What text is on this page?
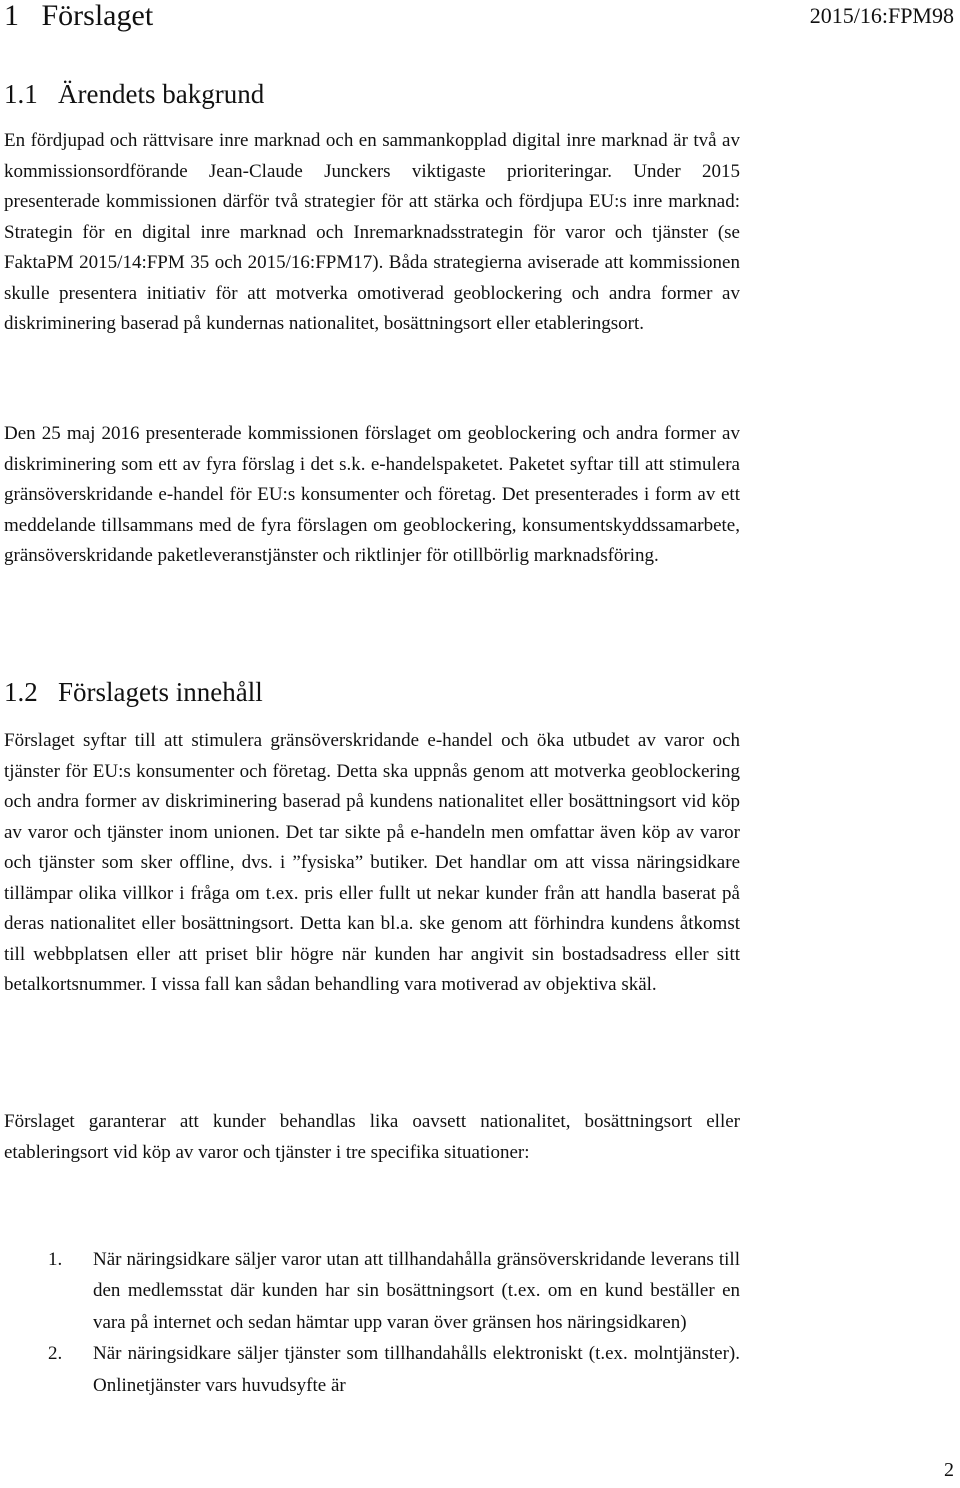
1   Förslaget	2015/16:FPM98
1.1   Ärendets bakgrund

En fördjupad och rättvisare inre marknad och en sammankopplad digital inre marknad är två av kommissionsordförande Jean-Claude Junckers viktigaste prioriteringar. Under 2015 presenterade kommissionen därför två strategier för att stärka och fördjupa EU:s inre marknad: Strategin för en digital inre marknad och Inremarknadsstrategin för varor och tjänster (se FaktaPM 2015/14:FPM 35 och 2015/16:FPM17). Båda strategierna aviserade att kommissionen skulle presentera initiativ för att motverka omotiverad geoblockering och andra former av diskriminering baserad på kundernas nationalitet, bosättningsort eller etableringsort.

Den 25 maj 2016 presenterade kommissionen förslaget om geoblockering och andra former av diskriminering som ett av fyra förslag i det s.k. e-handelspaketet. Paketet syftar till att stimulera gränsöverskridande e-handel för EU:s konsumenter och företag. Det presenterades i form av ett meddelande tillsammans med de fyra förslagen om geoblockering, konsumentskyddssamarbete, gränsöverskridande paketleveranstjänster och riktlinjer för otillbörlig marknadsföring.

1.2   Förslagets innehåll

Förslaget syftar till att stimulera gränsöverskridande e-handel och öka utbudet av varor och tjänster för EU:s konsumenter och företag. Detta ska uppnås genom att motverka geoblockering och andra former av diskriminering baserad på kundens nationalitet eller bosättningsort vid köp av varor och tjänster inom unionen. Det tar sikte på e-handeln men omfattar även köp av varor och tjänster som sker offline, dvs. i ”fysiska” butiker. Det handlar om att vissa näringsidkare tillämpar olika villkor i fråga om t.ex. pris eller fullt ut nekar kunder från att handla baserat på deras nationalitet eller bosättningsort. Detta kan bl.a. ske genom att förhindra kundens åtkomst till webbplatsen eller att priset blir högre när kunden har angivit sin bostadsadress eller sitt betalkortsnummer. I vissa fall kan sådan behandling vara motiverad av objektiva skäl.

Förslaget garanterar att kunder behandlas lika oavsett nationalitet, bosättningsort eller etableringsort vid köp av varor och tjänster i tre specifika situationer:

1. När näringsidkare säljer varor utan att tillhandahålla gränsöverskridande leverans till den medlemsstat där kunden har sin bosättningsort (t.ex. om en kund beställer en vara på internet och sedan hämtar upp varan över gränsen hos näringsidkaren)
2. När näringsidkare säljer tjänster som tillhandahålls elektroniskt (t.ex. molntjänster). Onlinetjänster vars huvudsyfte är
2
